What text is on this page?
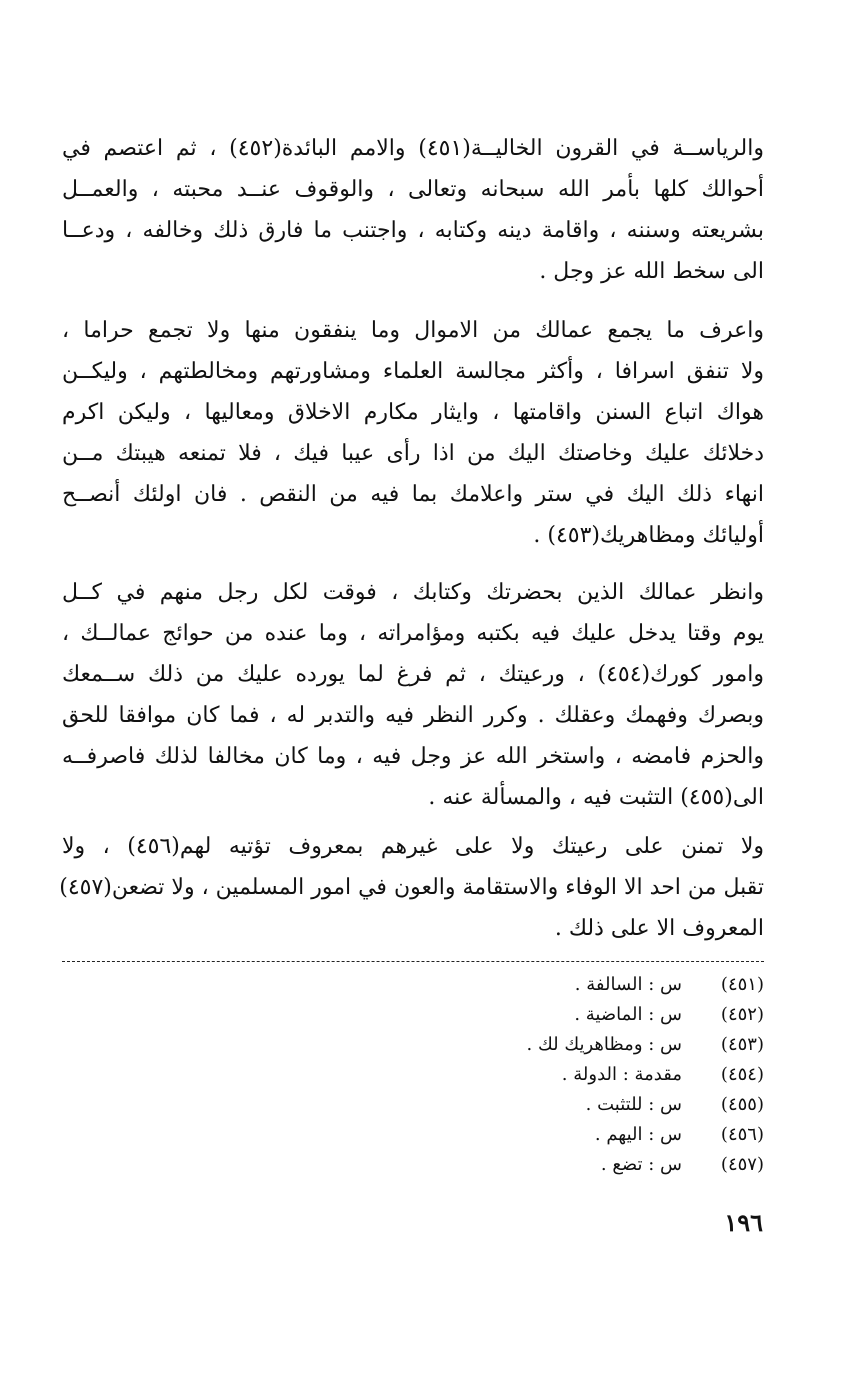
والرياســة في القرون الخاليــة(٤٥١) والامم البائدة(٤٥٢) ، ثم اعتصم في
أحوالك كلها بأمر الله سبحانه وتعالى ، والوقوف عنــد محبته ، والعمــل
بشريعته وسننه ، واقامة دينه وكتابه ، واجتنب ما فارق ذلك وخالفه ، ودعــا
الى سخط الله عز وجل .
واعرف ما يجمع عمالك من الاموال وما ينفقون منها ولا تجمع حراما ،
ولا تنفق اسرافا ، وأكثر مجالسة العلماء ومشاورتهم ومخالطتهم ، وليكــن
هواك اتباع السنن واقامتها ، وايثار مكارم الاخلاق ومعاليها ، وليكن اكرم
دخلائك عليك وخاصتك اليك من اذا رأى عيبا فيك ، فلا تمنعه هيبتك مــن
انهاء ذلك اليك في ستر واعلامك بما فيه من النقص . فان اولئك أنصــح
أوليائك ومظاهريك(٤٥٣) .
وانظر عمالك الذين بحضرتك وكتابك ، فوقت لكل رجل منهم في كــل
يوم وقتا يدخل عليك فيه بكتبه ومؤامراته ، وما عنده من حوائج عمالــك ،
وامور كورك(٤٥٤) ، ورعيتك ، ثم فرغ لما يورده عليك من ذلك ســمعك
وبصرك وفهمك وعقلك . وكرر النظر فيه والتدبر له ، فما كان موافقا للحق
والحزم فامضه ، واستخر الله عز وجل فيه ، وما كان مخالفا لذلك فاصرفــه
الى(٤٥٥) التثبت فيه ، والمسألة عنه .
ولا تمنن على رعيتك ولا على غيرهم بمعروف تؤتيه لهم(٤٥٦) ، ولا
تقبل من احد الا الوفاء والاستقامة والعون في امور المسلمين ، ولا تضعن(٤٥٧)
المعروف الا على ذلك .
(٤٥١)
س : السالفة .
(٤٥٢)
س : الماضية .
(٤٥٣)
س : ومظاهريك لك .
(٤٥٤)
مقدمة : الدولة .
(٤٥٥)
س : للتثبت .
(٤٥٦)
س : اليهم .
(٤٥٧)
س : تضع .
١٩٦
